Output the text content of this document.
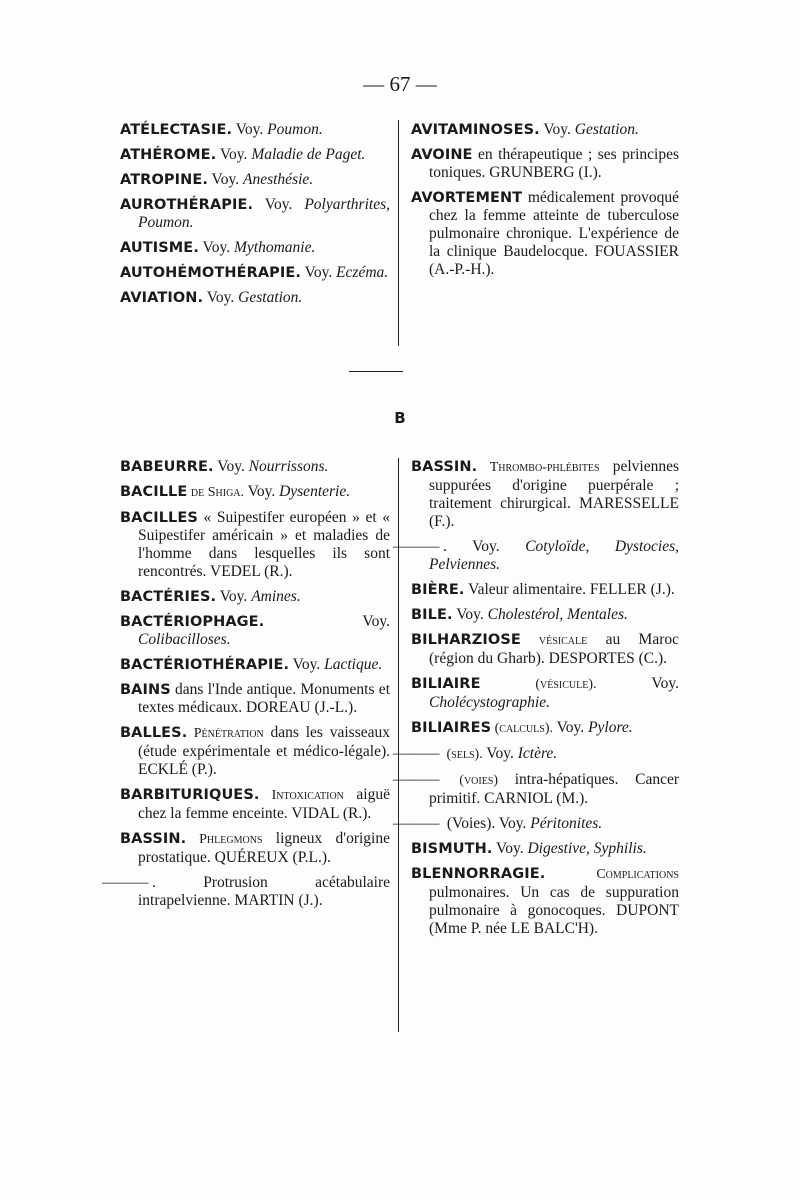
— 67 —
ATÉLECTASIE. Voy. Poumon.
ATHÉROME. Voy. Maladie de Paget.
ATROPINE. Voy. Anesthésie.
AUROTHÉRAPIE. Voy. Polyarthrites, Poumon.
AUTISME. Voy. Mythomanie.
AUTOHÉMOTHÉRAPIE. Voy. Eczéma.
AVIATION. Voy. Gestation.
AVITAMINOSES. Voy. Gestation.
AVOINE en thérapeutique ; ses principes toniques. GRUNBERG (I.).
AVORTEMENT médicalement provoqué chez la femme atteinte de tuberculose pulmonaire chronique. L'expérience de la clinique Baudelocque. FOUASSIER (A.-P.-H.).
B
BABEURRE. Voy. Nourrissons.
BACILLE de Shiga. Voy. Dysenterie.
BACILLES « Suipestifer européen » et « Suipestifer américain » et maladies de l'homme dans lesquelles ils sont rencontrés. VEDEL (R.).
BACTÉRIES. Voy. Amines.
BACTÉRIOPHAGE. Voy. Colibacilloses.
BACTÉRIOTHÉRAPIE. Voy. Lactique.
BAINS dans l'Inde antique. Monuments et textes médicaux. DOREAU (J.-L.).
BALLES. Pénétration dans les vaisseaux (étude expérimentale et médico-légale). ECKLÉ (P.).
BARBITURIQUES. Intoxication aiguë chez la femme enceinte. VIDAL (R.).
BASSIN. Phlegmons ligneux d'origine prostatique. QUÉREUX (P.L.).
——— . Protrusion acétabulaire intrapelvienne. MARTIN (J.).
BASSIN. Thrombo-phlébites pelviennes suppurées d'origine puerpérale ; traitement chirurgical. MARESSELLE (F.).
——— . Voy. Cotyloïde, Dystocies, Pelviennes.
BIÈRE. Valeur alimentaire. FELLER (J.).
BILE. Voy. Cholestérol, Mentales.
BILHARZIOSE vésicale au Maroc (région du Gharb). DESPORTES (C.).
BILIAIRE (vésicule). Voy. Cholécystographie.
BILIAIRES (calculs). Voy. Pylore.
——— (sels). Voy. Ictère.
——— (voies) intra-hépatiques. Cancer primitif. CARNIOL (M.).
——— (Voies). Voy. Péritonites.
BISMUTH. Voy. Digestive, Syphilis.
BLENNORRAGIE. Complications pulmonaires. Un cas de suppuration pulmonaire à gonocoques. DUPONT (Mme P. née LE BALC'H).
